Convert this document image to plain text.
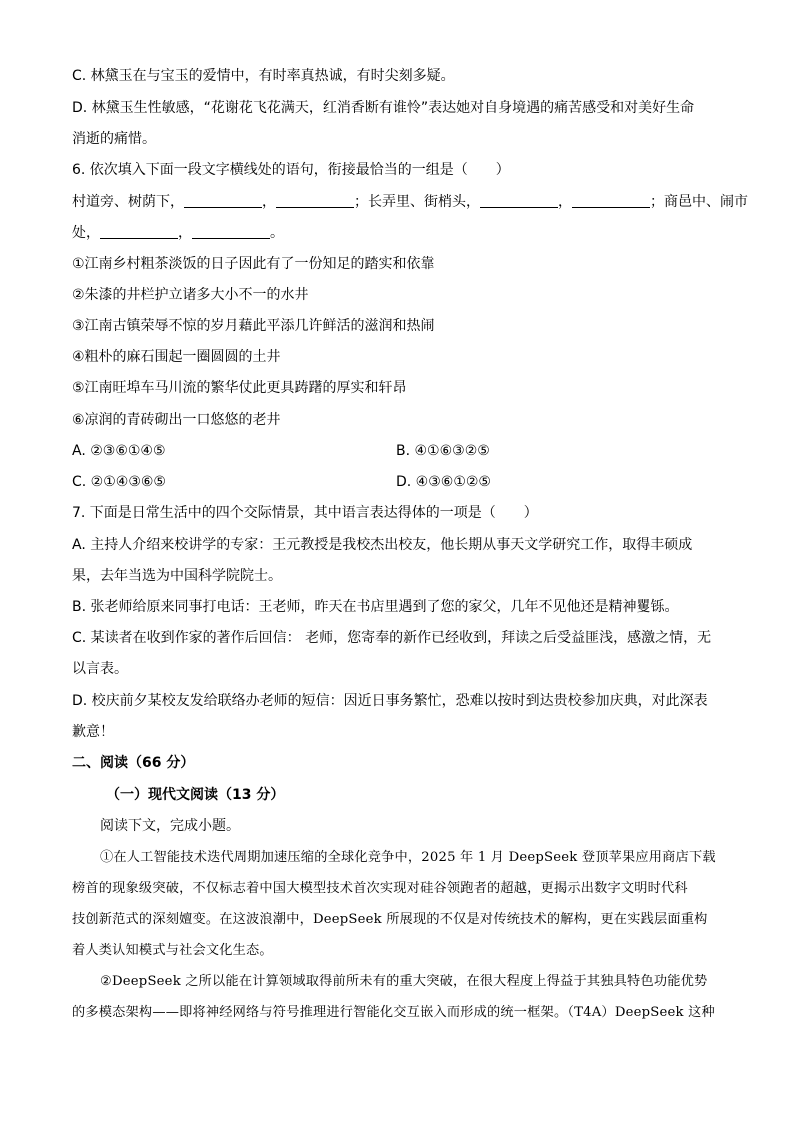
C. 林黛玉在与宝玉的爱情中，有时率真热诚，有时尖刻多疑。
D. 林黛玉生性敏感，“花谢花飞花满天，红消香断有谁怜”表达她对自身境遇的痛苦感受和对美好生命
消逝的痛惜。
6. 依次填入下面一段文字横线处的语句，衔接最恰当的一组是（　　）
村道旁、树荫下，	，	；长弄里、街梢头，	，	；商邑中、闹市
处，	，	。
①江南乡村粗茶淡饭的日子因此有了一份知足的踏实和依靠
②朱漆的井栏护立诸多大小不一的水井
③江南古镇荣辱不惊的岁月藉此平添几许鲜活的滋润和热闹
④粗朴的麻石围起一圈圆圆的土井
⑤江南旺埠车马川流的繁华仗此更具踌躇的厚实和轩昂
⑥凉润的青砖砌出一口悠悠的老井
A. ②③⑥①④⑤	B. ④①⑥③②⑤
C. ②①④③⑥⑤	D. ④③⑥①②⑤
7. 下面是日常生活中的四个交际情景，其中语言表达得体的一项是（　　）
A. 主持人介绍来校讲学的专家：王元教授是我校杰出校友，他长期从事天文学研究工作，取得丰硕成
果，去年当选为中国科学院院士。
B. 张老师给原来同事打电话：王老师，昨天在书店里遇到了您的家父，几年不见他还是精神矍铄。
C. 某读者在收到作家的著作后回信： 老师，您寄奉的新作已经收到，拜读之后受益匪浅，感激之情，无
以言表。
D. 校庆前夕某校友发给联络办老师的短信：因近日事务繁忙，恐难以按时到达贵校参加庆典，对此深表
歉意！
二、阅读（66 分）
（一）现代文阅读（13 分）
阅读下文，完成小题。
①在人工智能技术迭代周期加速压缩的全球化竞争中，2025 年 1 月 DeepSeek 登顶苹果应用商店下载
榜首的现象级突破，不仅标志着中国大模型技术首次实现对硅谷领跑者的超越，更揭示出数字文明时代科
技创新范式的深刻嬗变。在这波浪潮中，DeepSeek 所展现的不仅是对传统技术的解构，更在实践层面重构
着人类认知模式与社会文化生态。
②DeepSeek 之所以能在计算领域取得前所未有的重大突破，在很大程度上得益于其独具特色功能优势
的多模态架构——即将神经网络与符号推理进行智能化交互嵌入而形成的统一框架。（T4A）DeepSeek 这种
